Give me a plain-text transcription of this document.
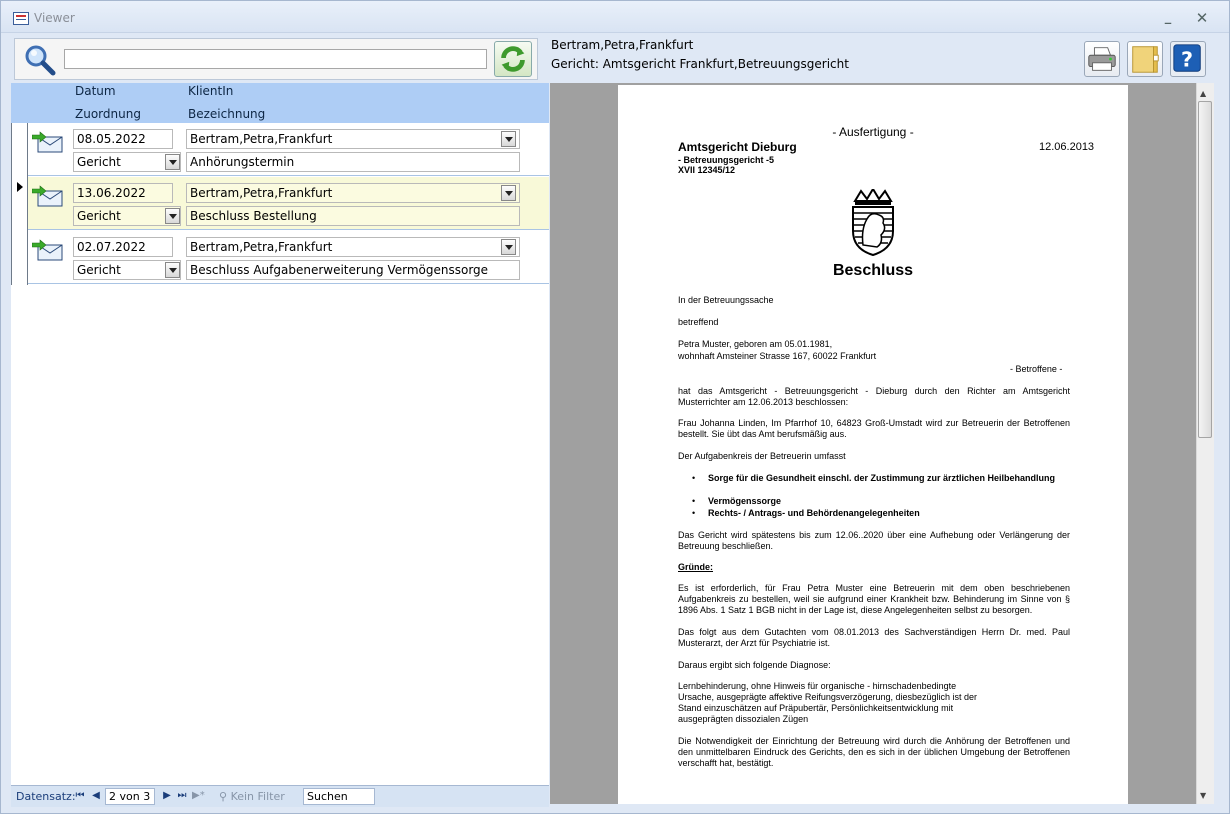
Viewer	_	✕
Bertram,Petra,Frankfurt
Gericht: Amtsgericht Frankfurt,Betreuungsgericht	?
Datum	KlientIn
Zuordnung	Bezeichnung
08.05.2022	Bertram,Petra,Frankfurt
Gericht	Anhörungstermin
13.06.2022	Bertram,Petra,Frankfurt
Gericht	Beschluss Bestellung
02.07.2022	Bertram,Petra,Frankfurt
Gericht	Beschluss Aufgabenerweiterung Vermögenssorge
Datensatz: ⏮ ◀ 2 von 3	▶ ⏭ ▶* ⚲ Kein Filter	Suchen
- Ausfertigung -
Amtsgericht Dieburg	12.06.2013
- Betreuungsgericht -5
XVII 12345/12
Beschluss
In der Betreuungssache
betreffend
Petra Muster, geboren am 05.01.1981,
wohnhaft Amsteiner Strasse 167, 60022 Frankfurt
- Betroffene -
hat das Amtsgericht - Betreuungsgericht - Dieburg durch den Richter am Amtsgericht Musterrichter am 12.06.2013 beschlossen:
Frau Johanna Linden, Im Pfarrhof 10, 64823 Groß-Umstadt wird zur Betreuerin der Betroffenen bestellt. Sie übt das Amt berufsmäßig aus.
Der Aufgabenkreis der Betreuerin umfasst
• Sorge für die Gesundheit einschl. der Zustimmung zur ärztlichen Heilbehandlung
• Vermögenssorge
• Rechts- / Antrags- und Behördenangelegenheiten
Das Gericht wird spätestens bis zum 12.06..2020 über eine Aufhebung oder Verlängerung der Betreuung beschließen.
Gründe:
Es ist erforderlich, für Frau Petra Muster eine Betreuerin mit dem oben beschriebenen Aufgabenkreis zu bestellen, weil sie aufgrund einer Krankheit bzw. Behinderung im Sinne von § 1896 Abs. 1 Satz 1 BGB nicht in der Lage ist, diese Angelegenheiten selbst zu besorgen.
Das folgt aus dem Gutachten vom 08.01.2013 des Sachverständigen Herrn Dr. med. Paul Musterarzt, der Arzt für Psychiatrie ist.
Daraus ergibt sich folgende Diagnose:
Lernbehinderung, ohne Hinweis für organische - hirnschadenbedingte
Ursache, ausgeprägte affektive Reifungsverzögerung, diesbezüglich ist der
Stand einzuschätzen auf Präpubertär, Persönlichkeitsentwicklung mit
ausgeprägten dissozialen Zügen
Die Notwendigkeit der Einrichtung der Betreuung wird durch die Anhörung der Betroffenen und den unmittelbaren Eindruck des Gerichts, den es sich in der üblichen Umgebung der Betroffenen verschafft hat, bestätigt.
▲
▼
